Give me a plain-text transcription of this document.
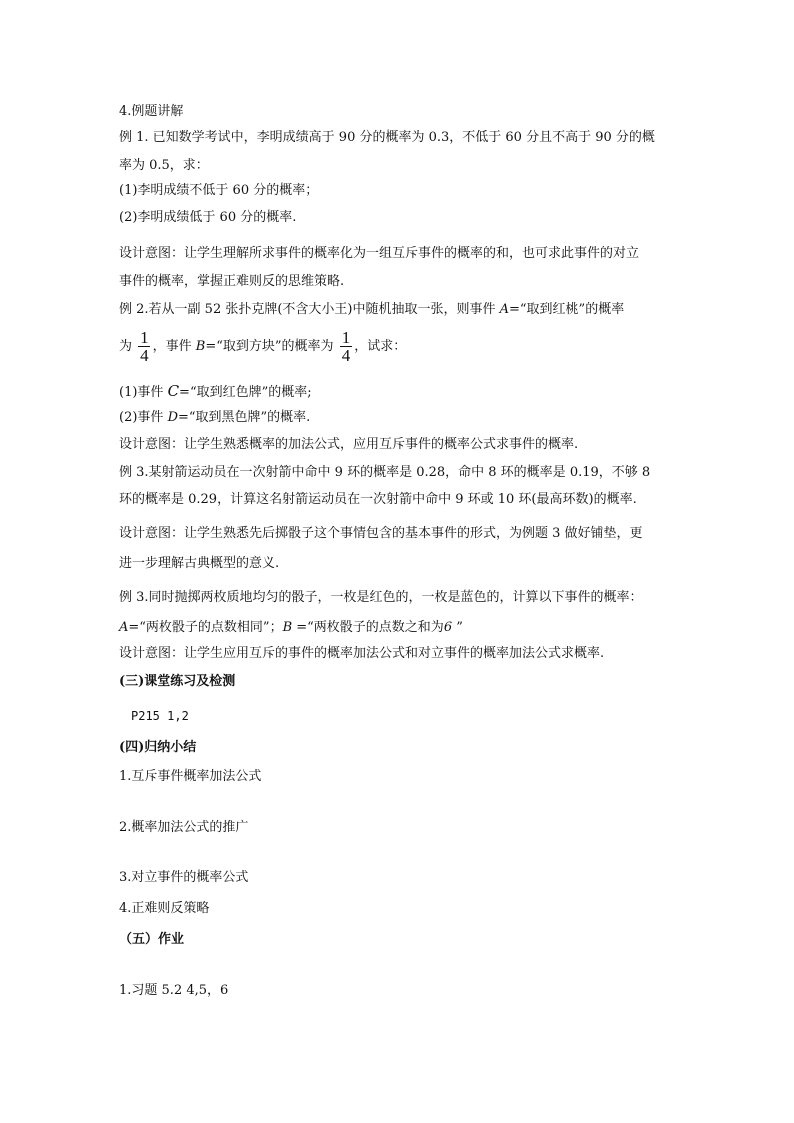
4.例题讲解
例 1. 已知数学考试中，李明成绩高于 90 分的概率为 0.3，不低于 60 分且不高于 90 分的概
率为 0.5，求：
(1)李明成绩不低于 60 分的概率；
(2)李明成绩低于 60 分的概率.
设计意图：让学生理解所求事件的概率化为一组互斥事件的概率的和，也可求此事件的对立
事件的概率，掌握正难则反的思维策略.
例 2.若从一副 52 张扑克牌(不含大小王)中随机抽取一张，则事件 A=“取到红桃”的概率
为 $\frac{1}{4}$ ，事件 B=“取到方块”的概率为 $\frac{1}{4}$ ，试求：
(1)事件 C=“取到红色牌”的概率;
(2)事件 D=“取到黑色牌”的概率.
设计意图：让学生熟悉概率的加法公式，应用互斥事件的概率公式求事件的概率.
例 3.某射箭运动员在一次射箭中命中 9 环的概率是 0.28，命中 8 环的概率是 0.19，不够 8
环的概率是 0.29，计算这名射箭运动员在一次射箭中命中 9 环或 10 环(最高环数)的概率.
设计意图：让学生熟悉先后掷骰子这个事情包含的基本事件的形式，为例题 3 做好铺垫，更
进一步理解古典概型的意义.
例 3.同时抛掷两枚质地均匀的骰子，一枚是红色的，一枚是蓝色的，计算以下事件的概率：
A=“两枚骰子的点数相同”；B =“两枚骰子的点数之和为6 ”
设计意图：让学生应用互斥的事件的概率加法公式和对立事件的概率加法公式求概率.
(三)课堂练习及检测
P215 1,2
(四)归纳小结
1.互斥事件概率加法公式
2.概率加法公式的推广
3.对立事件的概率公式
4.正难则反策略
（五）作业
1.习题 5.2 4,5，6
